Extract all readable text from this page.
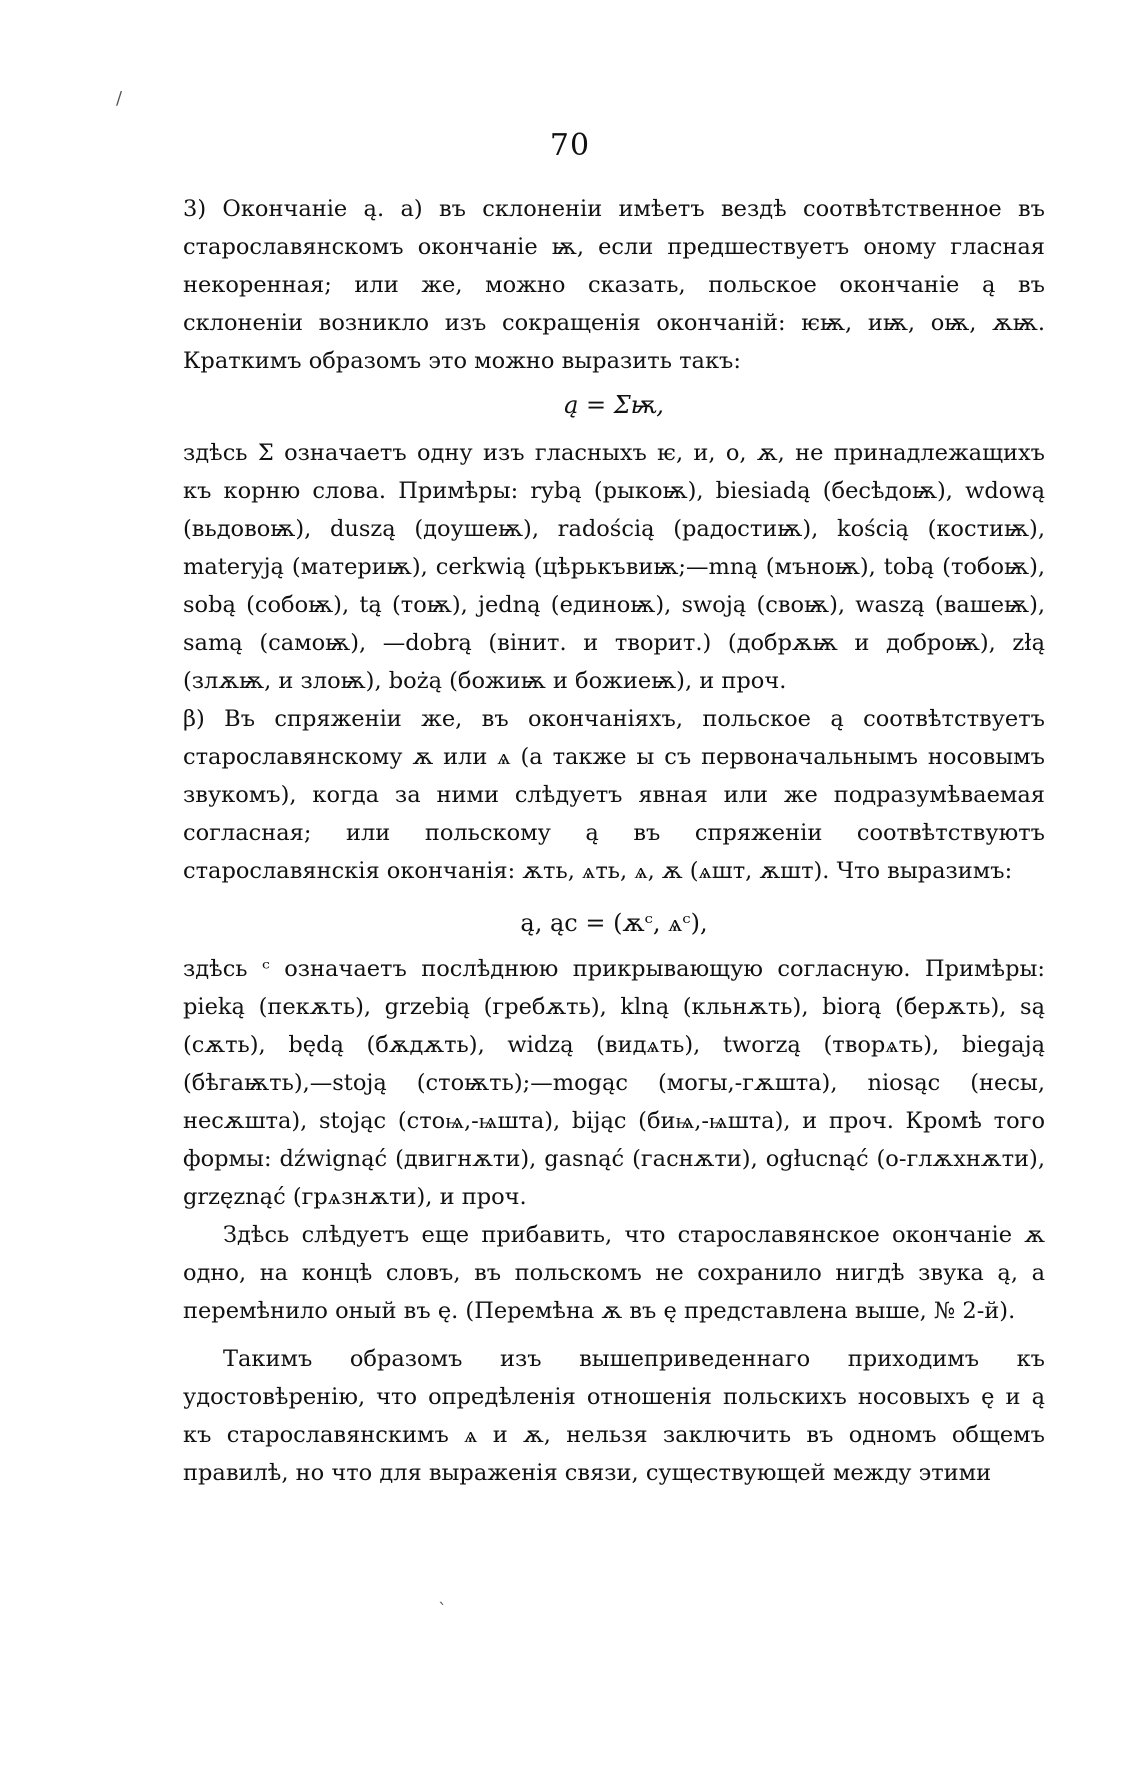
/
70

3) Окончаніе ą. а) въ склоненіи имѣетъ вездѣ соотвѣтственное въ старославянскомъ окончаніе ѭ, если предшествуетъ оному гласная некоренная; или же, можно сказать, польское окончаніе ą въ склоненіи возникло изъ сокращенія окончаній: ѥѭ, иѭ, оѭ, ѫѭ. Краткимъ образомъ это можно выразить такъ:

ą = Σѭ,

здѣсь Σ означаетъ одну изъ гласныхъ ѥ, и, о, ѫ, не принадлежащихъ къ корню слова. Примѣры: rybą (рыкоѭ), biesiadą (бесѣдоѭ), wdową (вьдовоѭ), duszą (доушеѭ), radością (радостиѭ), kością (костиѭ), materyją (материѭ), cerkwią (цѣрькъвиѭ;—mną (мъноѭ), tobą (тобоѭ), sobą (собоѭ), tą (тоѭ), jedną (единоѭ), swoją (своѭ), waszą (вашеѭ), samą (самоѭ), —dobrą (вінит. и творит.) (добрѫѭ и доброѭ), złą (злѫѭ, и злоѭ), bożą (божиѭ и божиеѭ), и проч.

β) Въ спряженіи же, въ окончаніяхъ, польское ą соотвѣтствуетъ старославянскому ѫ или ѧ (а также ы съ первоначальнымъ носовымъ звукомъ), когда за ними слѣдуетъ явная или же подразумѣваемая согласная; или польскому ą въ спряженіи соотвѣтствуютъ старославянскія окончанія: ѫть, ѧть, ѧ, ѫ (ѧшт, ѫшт). Что выразимъ:

ą, ąc = (ѫᶜ, ѧᶜ),

здѣсь ᶜ означаетъ послѣднюю прикрывающую согласную. Примѣры: pieką (пекѫть), grzebią (гребѫть), klną (кльнѫть), biorą (берѫть), są (сѫть), będą (бѫдѫть), widzą (видѧть), tworzą (творѧть), biegają (бѣгаѭть),—stoją (стоѭть);—mogąc (могы,-гѫшта), niosąc (несы, несѫшта), stojąc (стоѩ,-ѩшта), bijąc (биѩ,-ѩшта), и проч. Кромѣ того формы: dźwignąć (двигнѫти), gasnąć (гаснѫти), ogłucnąć (о-глѫхнѫти), grzęznąć (грѧзнѫти), и проч.

Здѣсь слѣдуетъ еще прибавить, что старославянское окончаніе ѫ одно, на концѣ словъ, въ польскомъ не сохранило нигдѣ звука ą, а перемѣнило оный въ ę. (Перемѣна ѫ въ ę представлена выше, № 2-й).

Такимъ образомъ изъ вышеприведеннаго приходимъ къ удостовѣренію, что опредѣленія отношенія польскихъ носовыхъ ę и ą къ старославянскимъ ѧ и ѫ, нельзя заключить въ одномъ общемъ правилѣ, но что для выраженія связи, существующей между этими

`
